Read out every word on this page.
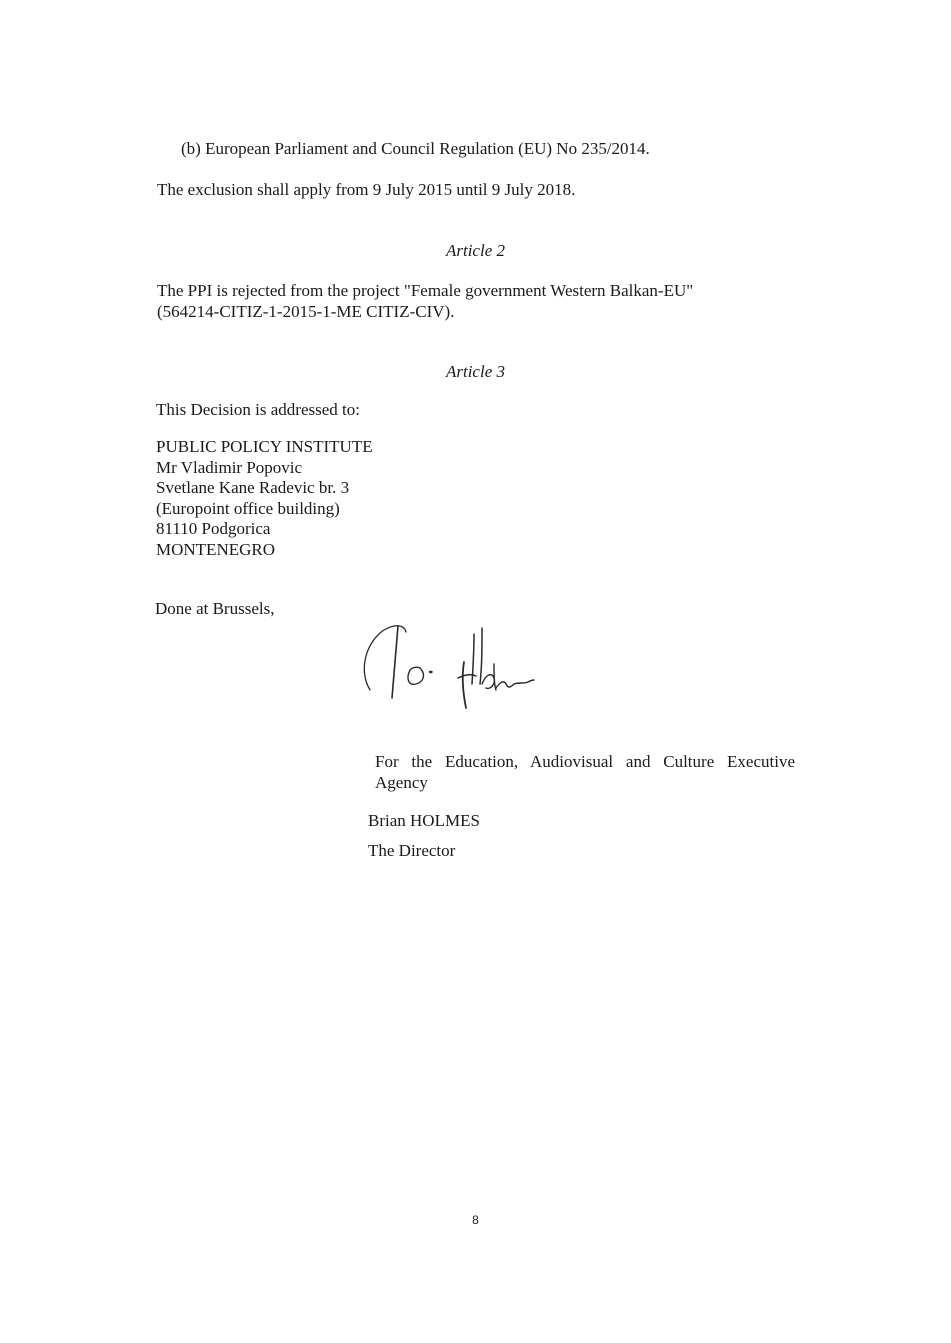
(b) European Parliament and Council Regulation (EU) No 235/2014.
The exclusion shall apply from 9 July 2015 until 9 July 2018.
Article 2
The PPI is rejected from the project "Female government Western Balkan-EU"
(564214-CITIZ-1-2015-1-ME CITIZ-CIV).
Article 3
This Decision is addressed to:
PUBLIC POLICY INSTITUTE
Mr Vladimir Popovic
Svetlane Kane Radevic br. 3
(Europoint office building)
81110 Podgorica
MONTENEGRO
Done at Brussels,
For the Education, Audiovisual and Culture Executive Agency
Brian HOLMES
The Director
8
